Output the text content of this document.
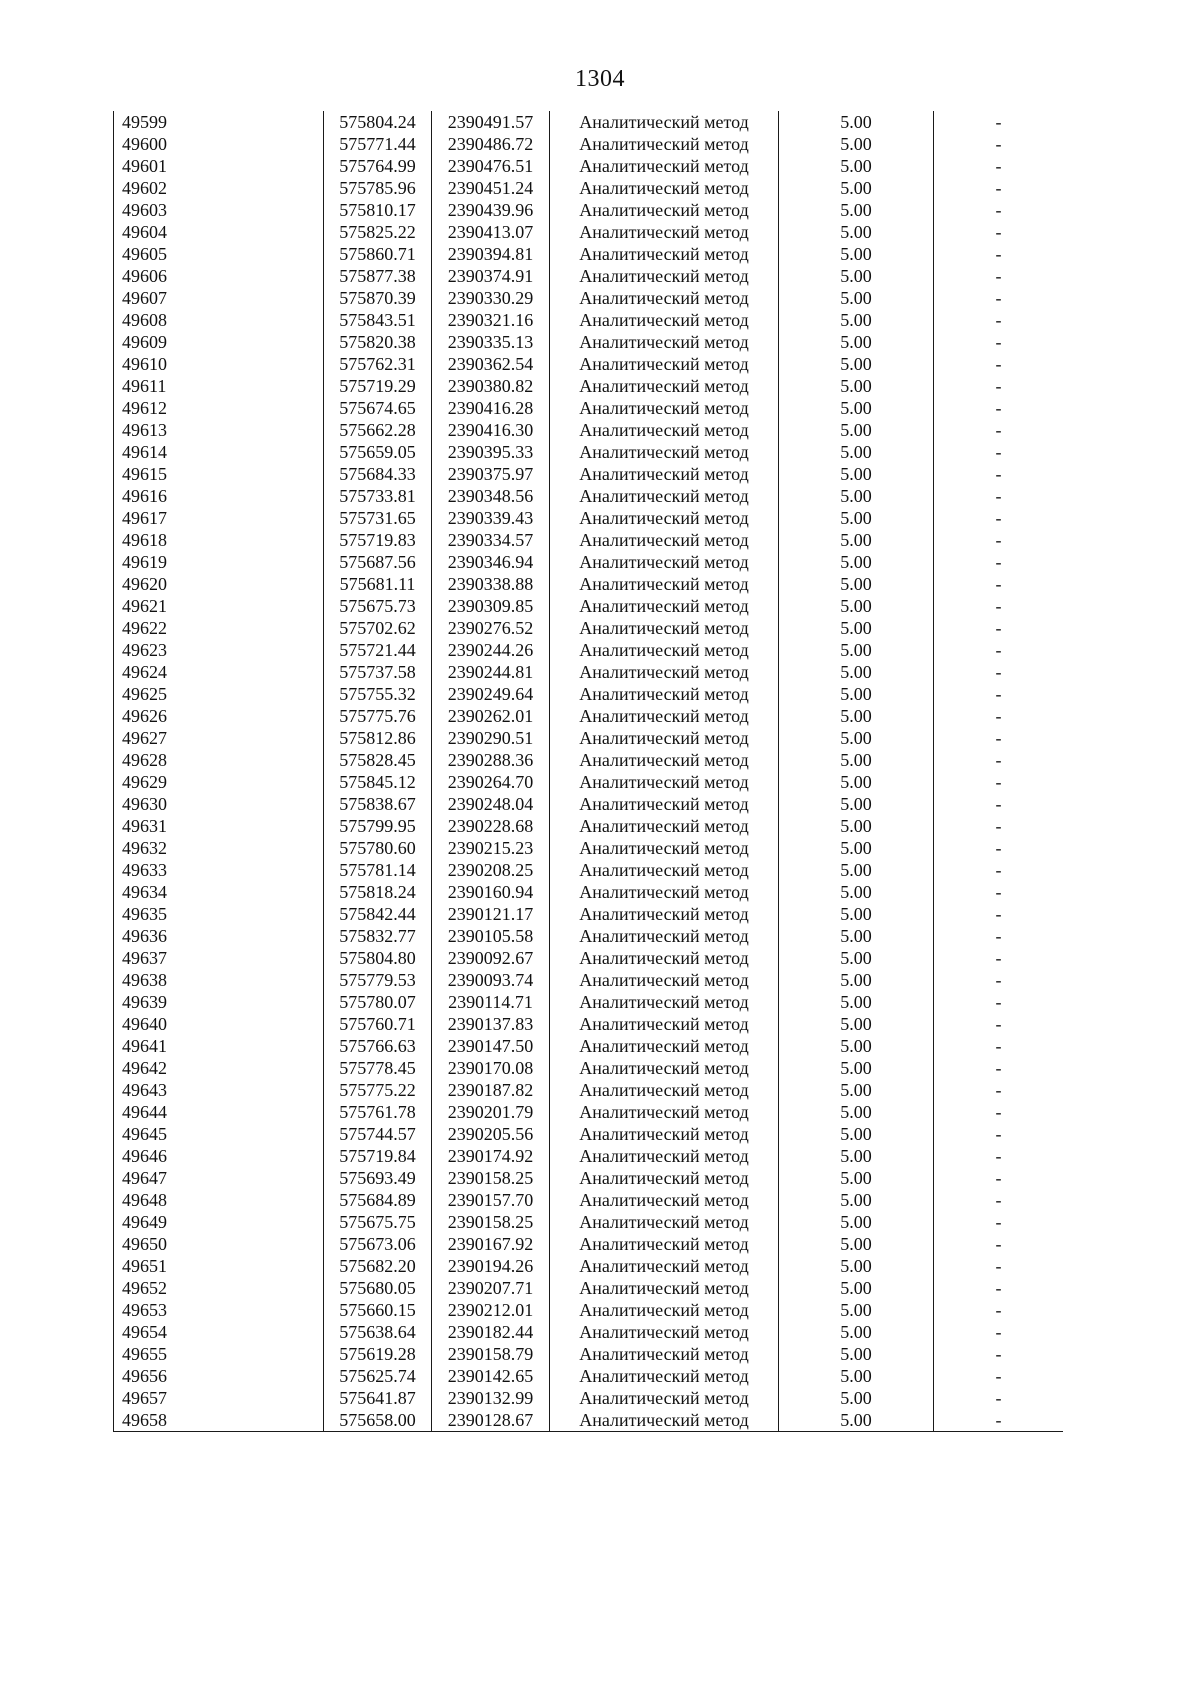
1304
49599	575804.24	2390491.57	Аналитический метод	5.00	-
49600	575771.44	2390486.72	Аналитический метод	5.00	-
49601	575764.99	2390476.51	Аналитический метод	5.00	-
49602	575785.96	2390451.24	Аналитический метод	5.00	-
49603	575810.17	2390439.96	Аналитический метод	5.00	-
49604	575825.22	2390413.07	Аналитический метод	5.00	-
49605	575860.71	2390394.81	Аналитический метод	5.00	-
49606	575877.38	2390374.91	Аналитический метод	5.00	-
49607	575870.39	2390330.29	Аналитический метод	5.00	-
49608	575843.51	2390321.16	Аналитический метод	5.00	-
49609	575820.38	2390335.13	Аналитический метод	5.00	-
49610	575762.31	2390362.54	Аналитический метод	5.00	-
49611	575719.29	2390380.82	Аналитический метод	5.00	-
49612	575674.65	2390416.28	Аналитический метод	5.00	-
49613	575662.28	2390416.30	Аналитический метод	5.00	-
49614	575659.05	2390395.33	Аналитический метод	5.00	-
49615	575684.33	2390375.97	Аналитический метод	5.00	-
49616	575733.81	2390348.56	Аналитический метод	5.00	-
49617	575731.65	2390339.43	Аналитический метод	5.00	-
49618	575719.83	2390334.57	Аналитический метод	5.00	-
49619	575687.56	2390346.94	Аналитический метод	5.00	-
49620	575681.11	2390338.88	Аналитический метод	5.00	-
49621	575675.73	2390309.85	Аналитический метод	5.00	-
49622	575702.62	2390276.52	Аналитический метод	5.00	-
49623	575721.44	2390244.26	Аналитический метод	5.00	-
49624	575737.58	2390244.81	Аналитический метод	5.00	-
49625	575755.32	2390249.64	Аналитический метод	5.00	-
49626	575775.76	2390262.01	Аналитический метод	5.00	-
49627	575812.86	2390290.51	Аналитический метод	5.00	-
49628	575828.45	2390288.36	Аналитический метод	5.00	-
49629	575845.12	2390264.70	Аналитический метод	5.00	-
49630	575838.67	2390248.04	Аналитический метод	5.00	-
49631	575799.95	2390228.68	Аналитический метод	5.00	-
49632	575780.60	2390215.23	Аналитический метод	5.00	-
49633	575781.14	2390208.25	Аналитический метод	5.00	-
49634	575818.24	2390160.94	Аналитический метод	5.00	-
49635	575842.44	2390121.17	Аналитический метод	5.00	-
49636	575832.77	2390105.58	Аналитический метод	5.00	-
49637	575804.80	2390092.67	Аналитический метод	5.00	-
49638	575779.53	2390093.74	Аналитический метод	5.00	-
49639	575780.07	2390114.71	Аналитический метод	5.00	-
49640	575760.71	2390137.83	Аналитический метод	5.00	-
49641	575766.63	2390147.50	Аналитический метод	5.00	-
49642	575778.45	2390170.08	Аналитический метод	5.00	-
49643	575775.22	2390187.82	Аналитический метод	5.00	-
49644	575761.78	2390201.79	Аналитический метод	5.00	-
49645	575744.57	2390205.56	Аналитический метод	5.00	-
49646	575719.84	2390174.92	Аналитический метод	5.00	-
49647	575693.49	2390158.25	Аналитический метод	5.00	-
49648	575684.89	2390157.70	Аналитический метод	5.00	-
49649	575675.75	2390158.25	Аналитический метод	5.00	-
49650	575673.06	2390167.92	Аналитический метод	5.00	-
49651	575682.20	2390194.26	Аналитический метод	5.00	-
49652	575680.05	2390207.71	Аналитический метод	5.00	-
49653	575660.15	2390212.01	Аналитический метод	5.00	-
49654	575638.64	2390182.44	Аналитический метод	5.00	-
49655	575619.28	2390158.79	Аналитический метод	5.00	-
49656	575625.74	2390142.65	Аналитический метод	5.00	-
49657	575641.87	2390132.99	Аналитический метод	5.00	-
49658	575658.00	2390128.67	Аналитический метод	5.00	-
